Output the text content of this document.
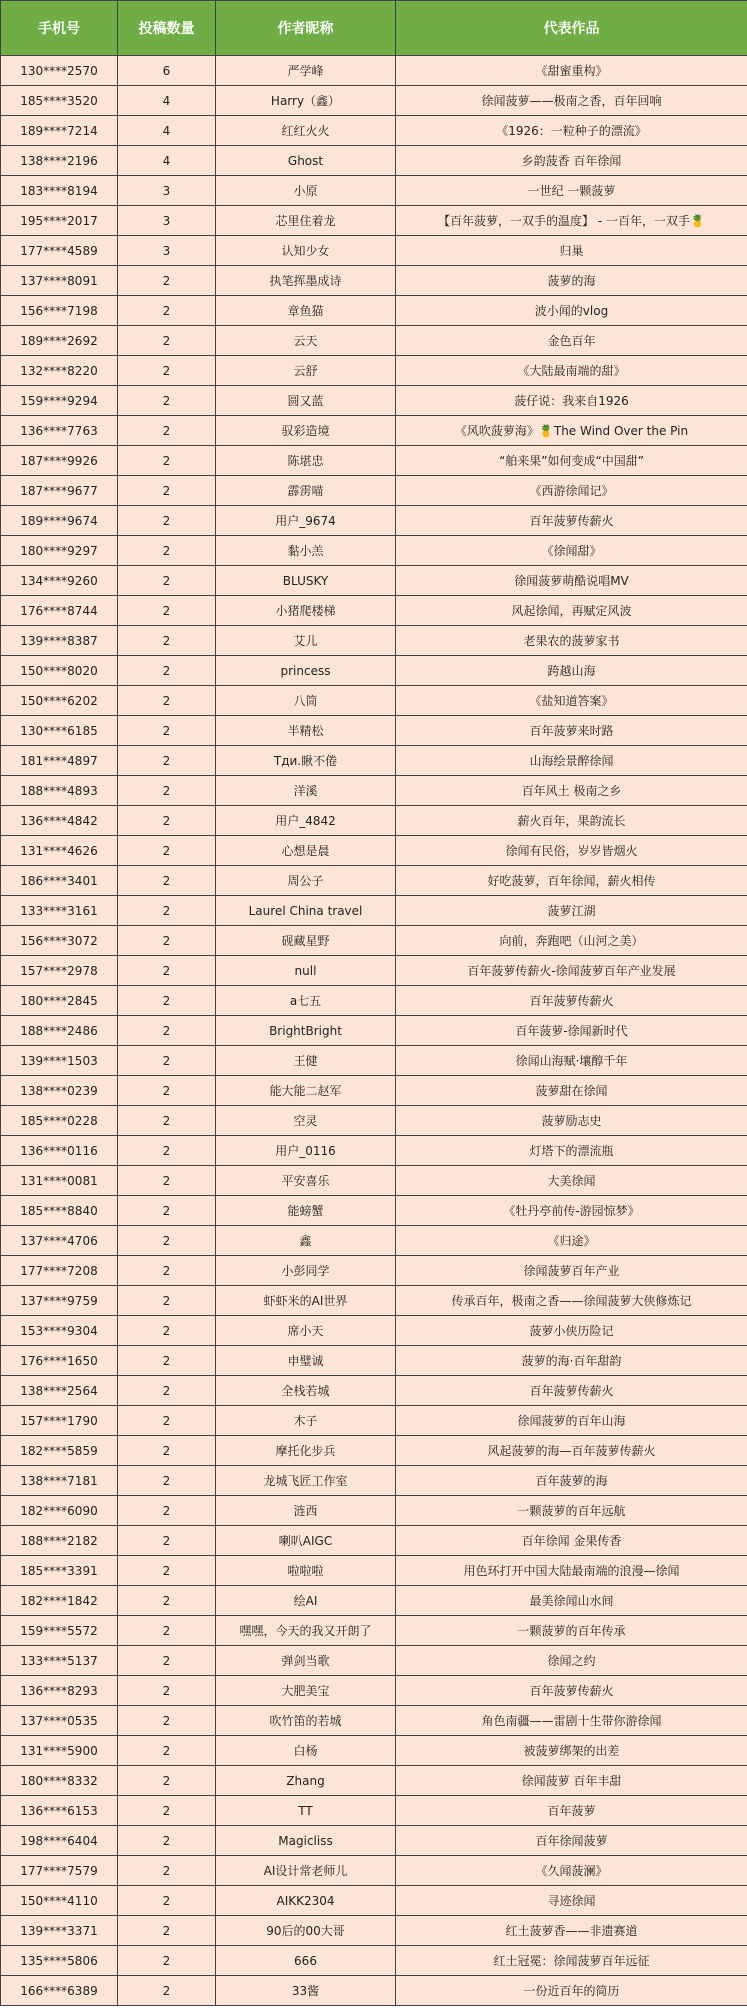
手机号	投稿数量	作者昵称	代表作品
130****2570	6	严学峰	《甜蜜重构》
185****3520	4	Harry（鑫）	徐闻菠萝——极南之香，百年回响
189****7214	4	红红火火	《1926：一粒种子的漂流》
138****2196	4	Ghost	乡韵菠香 百年徐闻
183****8194	3	小原	一世纪 一颗菠萝
195****2017	3	芯里住着龙	【百年菠萝，一双手的温度】 - 一百年，一双手🍍
177****4589	3	认知少女	归巢
137****8091	2	执笔挥墨成诗	菠萝的海
156****7198	2	章鱼猫	波小闻的vlog
189****2692	2	云天	金色百年
132****8220	2	云舒	《大陆最南端的甜》
159****9294	2	圆又蓝	菠仔说：我来自1926
136****7763	2	驭彩造境	《风吹菠萝海》🍍The Wind Over the Pin
187****9926	2	陈堪忠	“舶来果”如何变成“中国甜”
187****9677	2	霹雳喵	《西游徐闻记》
189****9674	2	用户_9674	百年菠萝传薪火
180****9297	2	黏小羔	《徐闻甜》
134****9260	2	BLUSKY	徐闻菠萝萌酷说唱MV
176****8744	2	小猪爬楼梯	风起徐闻，再赋定风波
139****8387	2	艾儿	老果农的菠萝家书
150****8020	2	princess	跨越山海
150****6202	2	八筒	《盐知道答案》
130****6185	2	半精松	百年菠萝来时路
181****4897	2	Tди.瞅不倦	山海绘景醉徐闻
188****4893	2	洋溪	百年风土 极南之乡
136****4842	2	用户_4842	薪火百年，果韵流长
131****4626	2	心想是晨	徐闻有民俗，岁岁皆烟火
186****3401	2	周公子	好吃菠萝，百年徐闻，薪火相传
133****3161	2	Laurel China travel	菠萝江湖
156****3072	2	砚藏星野	向前，奔跑吧（山河之美）
157****2978	2	null	百年菠萝传薪火-徐闻菠萝百年产业发展
180****2845	2	a七五	百年菠萝传薪火
188****2486	2	BrightBright	百年菠萝-徐闻新时代
139****1503	2	王健	徐闻山海赋·壤醇千年
138****0239	2	能大能二赵军	菠萝甜在徐闻
185****0228	2	空灵	菠萝励志史
136****0116	2	用户_0116	灯塔下的漂流瓶
131****0081	2	平安喜乐	大美徐闻
185****8840	2	能螃蟹	《牡丹亭前传-游园惊梦》
137****4706	2	鑫	《归途》
177****7208	2	小彭同学	徐闻菠萝百年产业
137****9759	2	虾虾米的AI世界	传承百年，极南之香——徐闻菠萝大侠修炼记
153****9304	2	席小天	菠萝小侠历险记
176****1650	2	申璧诚	菠萝的海·百年甜韵
138****2564	2	全栈若城	百年菠萝传薪火
157****1790	2	木子	徐闻菠萝的百年山海
182****5859	2	摩托化步兵	风起菠萝的海—百年菠萝传薪火
138****7181	2	龙城飞匠工作室	百年菠萝的海
182****6090	2	涟西	一颗菠萝的百年远航
188****2182	2	喇叭AIGC	百年徐闻 金果传香
185****3391	2	啦啦啦	用色环打开中国大陆最南端的浪漫—徐闻
182****1842	2	绘AI	最美徐闻山水间
159****5572	2	嘿嘿，今天的我又开朗了	一颗菠萝的百年传承
133****5137	2	弹剑当歌	徐闻之约
136****8293	2	大肥美宝	百年菠萝传薪火
137****0535	2	吹竹笛的若城	角色南疆——雷剧十生带你游徐闻
131****5900	2	白杨	被菠萝绑架的出差
180****8332	2	Zhang	徐闻菠萝 百年丰甜
136****6153	2	TT	百年菠萝
198****6404	2	Magicliss	百年徐闻菠萝
177****7579	2	AI设计常老师儿	《久闻菠澜》
150****4110	2	AIKK2304	寻迹徐闻
139****3371	2	90后的00大哥	红土菠萝香——非遗赛道
135****5806	2	666	红土冠冕：徐闻菠萝百年远征
166****6389	2	33酱	一份近百年的简历
